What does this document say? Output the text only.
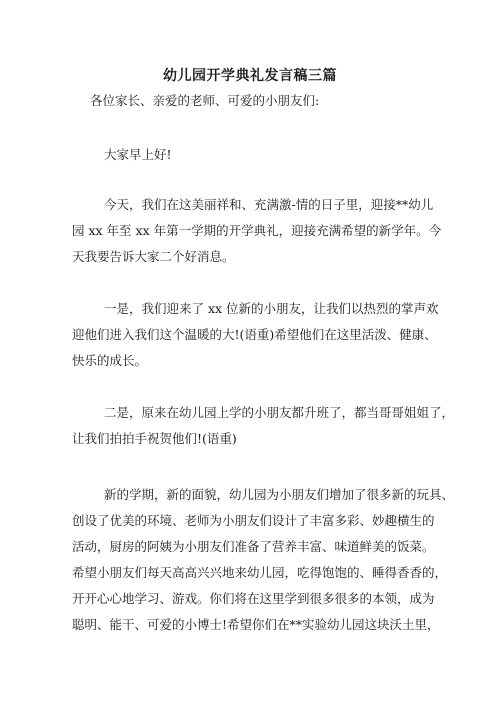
幼儿园开学典礼发言稿三篇

各位家长、亲爱的老师、可爱的小朋友们:

大家早上好!

今天，我们在这美丽祥和、充满激-情的日子里，迎接**幼儿
园 xx 年至 xx 年第一学期的开学典礼，迎接充满希望的新学年。今
天我要告诉大家二个好消息。

一是，我们迎来了 xx 位新的小朋友，让我们以热烈的掌声欢
迎他们进入我们这个温暖的大!(语重)希望他们在这里活泼、健康、
快乐的成长。

二是，原来在幼儿园上学的小朋友都升班了，都当哥哥姐姐了，
让我们拍拍手祝贺他们!(语重)

新的学期，新的面貌，幼儿园为小朋友们增加了很多新的玩具、
创设了优美的环境、老师为小朋友们设计了丰富多彩、妙趣横生的
活动，厨房的阿姨为小朋友们准备了营养丰富、味道鲜美的饭菜。
希望小朋友们每天高高兴兴地来幼儿园，吃得饱饱的、睡得香香的，
开开心心地学习、游戏。你们将在这里学到很多很多的本领，成为
聪明、能干、可爱的小博士!希望你们在**实验幼儿园这块沃土里，
